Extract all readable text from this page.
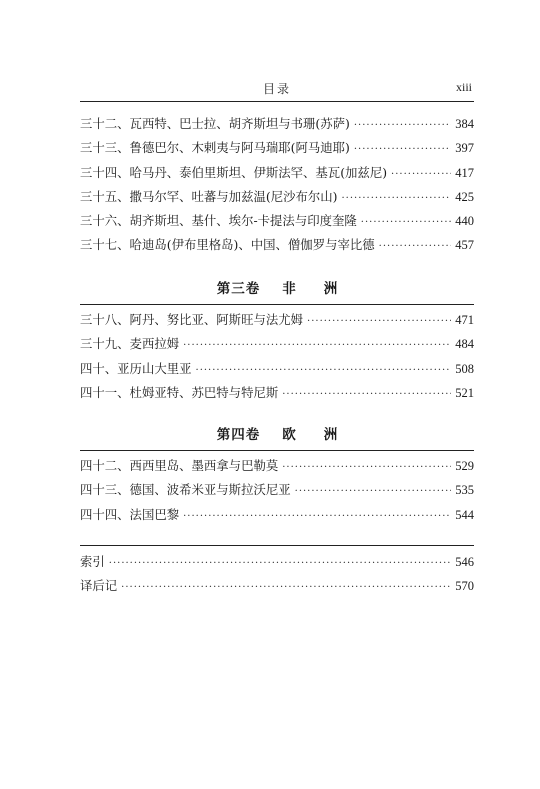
目录	xiii
三十二、瓦西特、巴士拉、胡齐斯坦与书珊(苏萨) ·····	384
三十三、鲁德巴尔、木剌夷与阿马瑞耶(阿马迪耶) ·····	397
三十四、哈马丹、泰伯里斯坦、伊斯法罕、基瓦(加兹尼) ·····	417
三十五、撒马尔罕、吐蕃与加兹温(尼沙布尔山) ·····	425
三十六、胡齐斯坦、基什、埃尔-卡提法与印度奎隆 ·····	440
三十七、哈迪岛(伊布里格岛)、中国、僧伽罗与宰比德 ·····	457
第三卷 非洲
三十八、阿丹、努比亚、阿斯旺与法尤姆 ·····	471
三十九、麦西拉姆 ·····	484
四十、亚历山大里亚 ·····	508
四十一、杜姆亚特、苏巴特与特尼斯 ·····	521
第四卷 欧洲
四十二、西西里岛、墨西拿与巴勒莫 ·····	529
四十三、德国、波希米亚与斯拉沃尼亚 ·····	535
四十四、法国巴黎 ·····	544
索引 ·····	546
译后记 ·····	570
